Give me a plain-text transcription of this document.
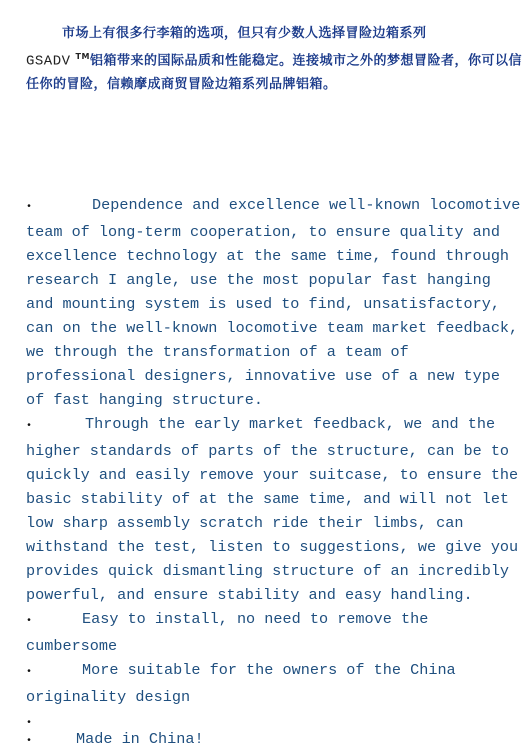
市场上有很多行李箱的选项，但只有少数人选择冒险边箱系列
GSADV ™铝箱带来的国际品质和性能稳定。连接城市之外的梦想冒险者，你可以信任你的冒险，信赖摩成商贸冒险边箱系列品牌铝箱。
•	Dependence and excellence well-known locomotive team of long-term cooperation, to ensure quality and excellence technology at the same time, found through research I angle, use the most popular fast hanging and mounting system is used to find, unsatisfactory, can on the well-known locomotive team market feedback, we through the transformation of a team of professional designers, innovative use of a new type of fast hanging structure.
•	Through the early market feedback, we and the higher standards of parts of the structure, can be to quickly and easily remove your suitcase, to ensure the basic stability of at the same time, and will not let low sharp assembly scratch ride their limbs, can withstand the test, listen to suggestions, we give you provides quick dismantling structure of an incredibly powerful, and ensure stability and easy handling.
•	Easy to install, no need to remove the cumbersome
•	More suitable for the owners of the China originality design
•
•	Made in China!
